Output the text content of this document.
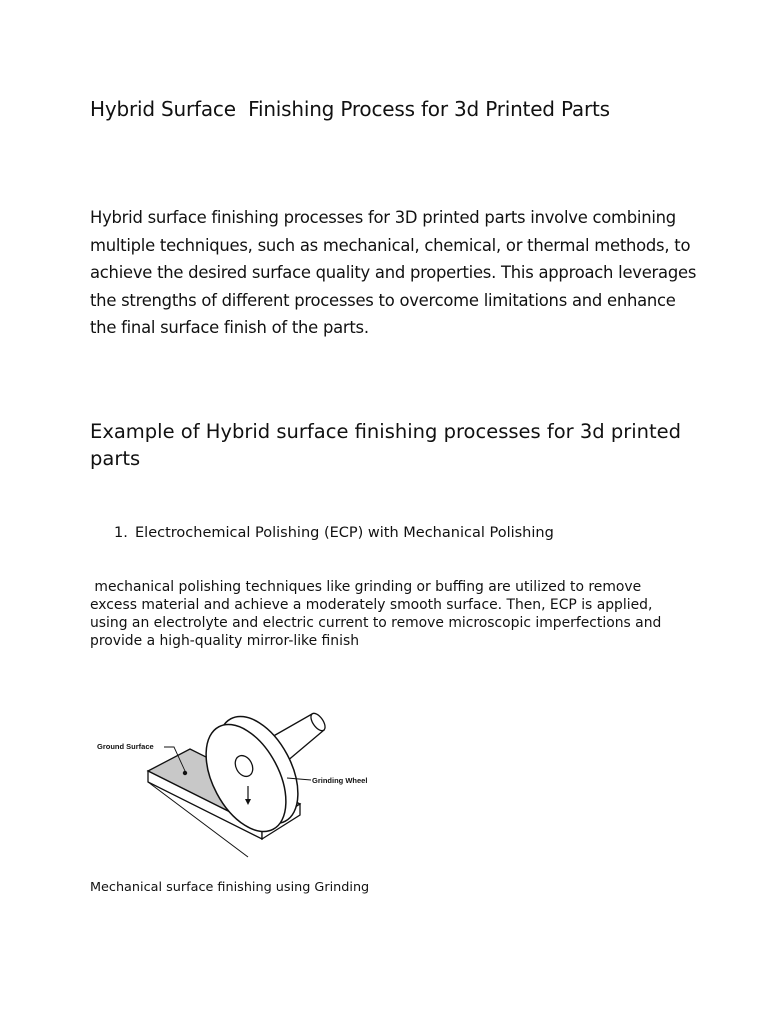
Hybrid Surface  Finishing Process for 3d Printed Parts

Hybrid surface finishing processes for 3D printed parts involve combining multiple techniques, such as mechanical, chemical, or thermal methods, to achieve the desired surface quality and properties. This approach leverages the strengths of different processes to overcome limitations and enhance the final surface finish of the parts.

Example of Hybrid surface finishing processes for 3d printed parts
1. Electrochemical Polishing (ECP) with Mechanical Polishing

mechanical polishing techniques like grinding or buffing are utilized to remove excess material and achieve a moderately smooth surface. Then, ECP is applied, using an electrolyte and electric current to remove microscopic imperfections and provide a high-quality mirror-like finish

Ground Surface
Grinding Wheel

Mechanical surface finishing using Grinding
